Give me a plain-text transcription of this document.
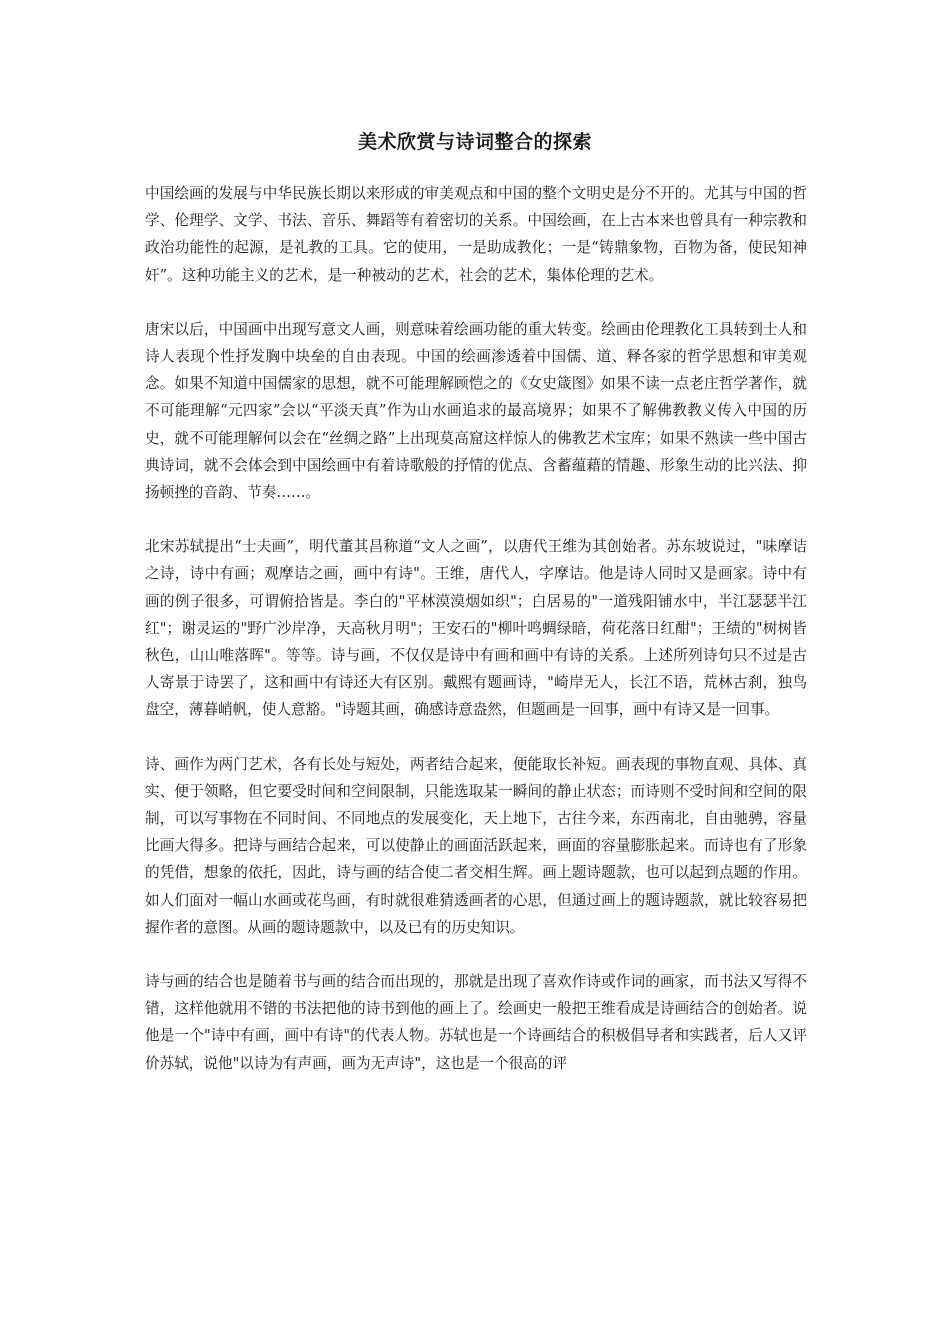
美术欣赏与诗词整合的探索

中国绘画的发展与中华民族长期以来形成的审美观点和中国的整个文明史是分不开的。尤其与中国的哲学、伦理学、文学、书法、音乐、舞蹈等有着密切的关系。中国绘画，在上古本来也曾具有一种宗教和政治功能性的起源，是礼教的工具。它的使用，一是助成教化；一是“铸鼎象物，百物为备，使民知神奸”。这种功能主义的艺术，是一种被动的艺术，社会的艺术，集体伦理的艺术。

唐宋以后，中国画中出现写意文人画，则意味着绘画功能的重大转变。绘画由伦理教化工具转到士人和诗人表现个性抒发胸中块垒的自由表现。中国的绘画渗透着中国儒、道、释各家的哲学思想和审美观念。如果不知道中国儒家的思想，就不可能理解顾恺之的《女史箴图》如果不读一点老庄哲学著作，就不可能理解“元四家”会以“平淡天真”作为山水画追求的最高境界；如果不了解佛教教义传入中国的历史，就不可能理解何以会在“丝绸之路”上出现莫高窟这样惊人的佛教艺术宝库；如果不熟读一些中国古典诗词，就不会体会到中国绘画中有着诗歌般的抒情的优点、含蓄蕴藉的情趣、形象生动的比兴法、抑扬顿挫的音韵、节奏……。

北宋苏轼提出“士夫画”，明代董其昌称道“文人之画”，以唐代王维为其创始者。苏东坡说过，"味摩诘之诗，诗中有画；观摩诘之画，画中有诗"。王维，唐代人，字摩诘。他是诗人同时又是画家。诗中有画的例子很多，可谓俯拾皆是。李白的"平林漠漠烟如织"；白居易的"一道残阳铺水中，半江瑟瑟半江红"；谢灵运的"野广沙岸净，天高秋月明"；王安石的"柳叶鸣蜩绿暗，荷花落日红酣"；王绩的"树树皆秋色，山山唯落晖"。等等。诗与画，不仅仅是诗中有画和画中有诗的关系。上述所列诗句只不过是古人寄景于诗罢了，这和画中有诗还大有区别。戴熙有题画诗，"崎岸无人，长江不语，荒林古刹，独鸟盘空，薄暮峭帆，使人意豁。"诗题其画，确感诗意盎然，但题画是一回事，画中有诗又是一回事。

诗、画作为两门艺术，各有长处与短处，两者结合起来，便能取长补短。画表现的事物直观、具体、真实、便于领略，但它要受时间和空间限制，只能选取某一瞬间的静止状态；而诗则不受时间和空间的限制，可以写事物在不同时间、不同地点的发展变化，天上地下，古往今来，东西南北，自由驰骋，容量比画大得多。把诗与画结合起来，可以使静止的画面活跃起来，画面的容量膨胀起来。而诗也有了形象的凭借，想象的依托，因此，诗与画的结合使二者交相生辉。画上题诗题款，也可以起到点题的作用。如人们面对一幅山水画或花鸟画，有时就很难猜透画者的心思，但通过画上的题诗题款，就比较容易把握作者的意图。从画的题诗题款中，以及已有的历史知识。

诗与画的结合也是随着书与画的结合而出现的，那就是出现了喜欢作诗或作词的画家，而书法又写得不错，这样他就用不错的书法把他的诗书到他的画上了。绘画史一般把王维看成是诗画结合的创始者。说他是一个"诗中有画，画中有诗"的代表人物。苏轼也是一个诗画结合的积极倡导者和实践者，后人又评价苏轼，说他"以诗为有声画，画为无声诗"，这也是一个很高的评
